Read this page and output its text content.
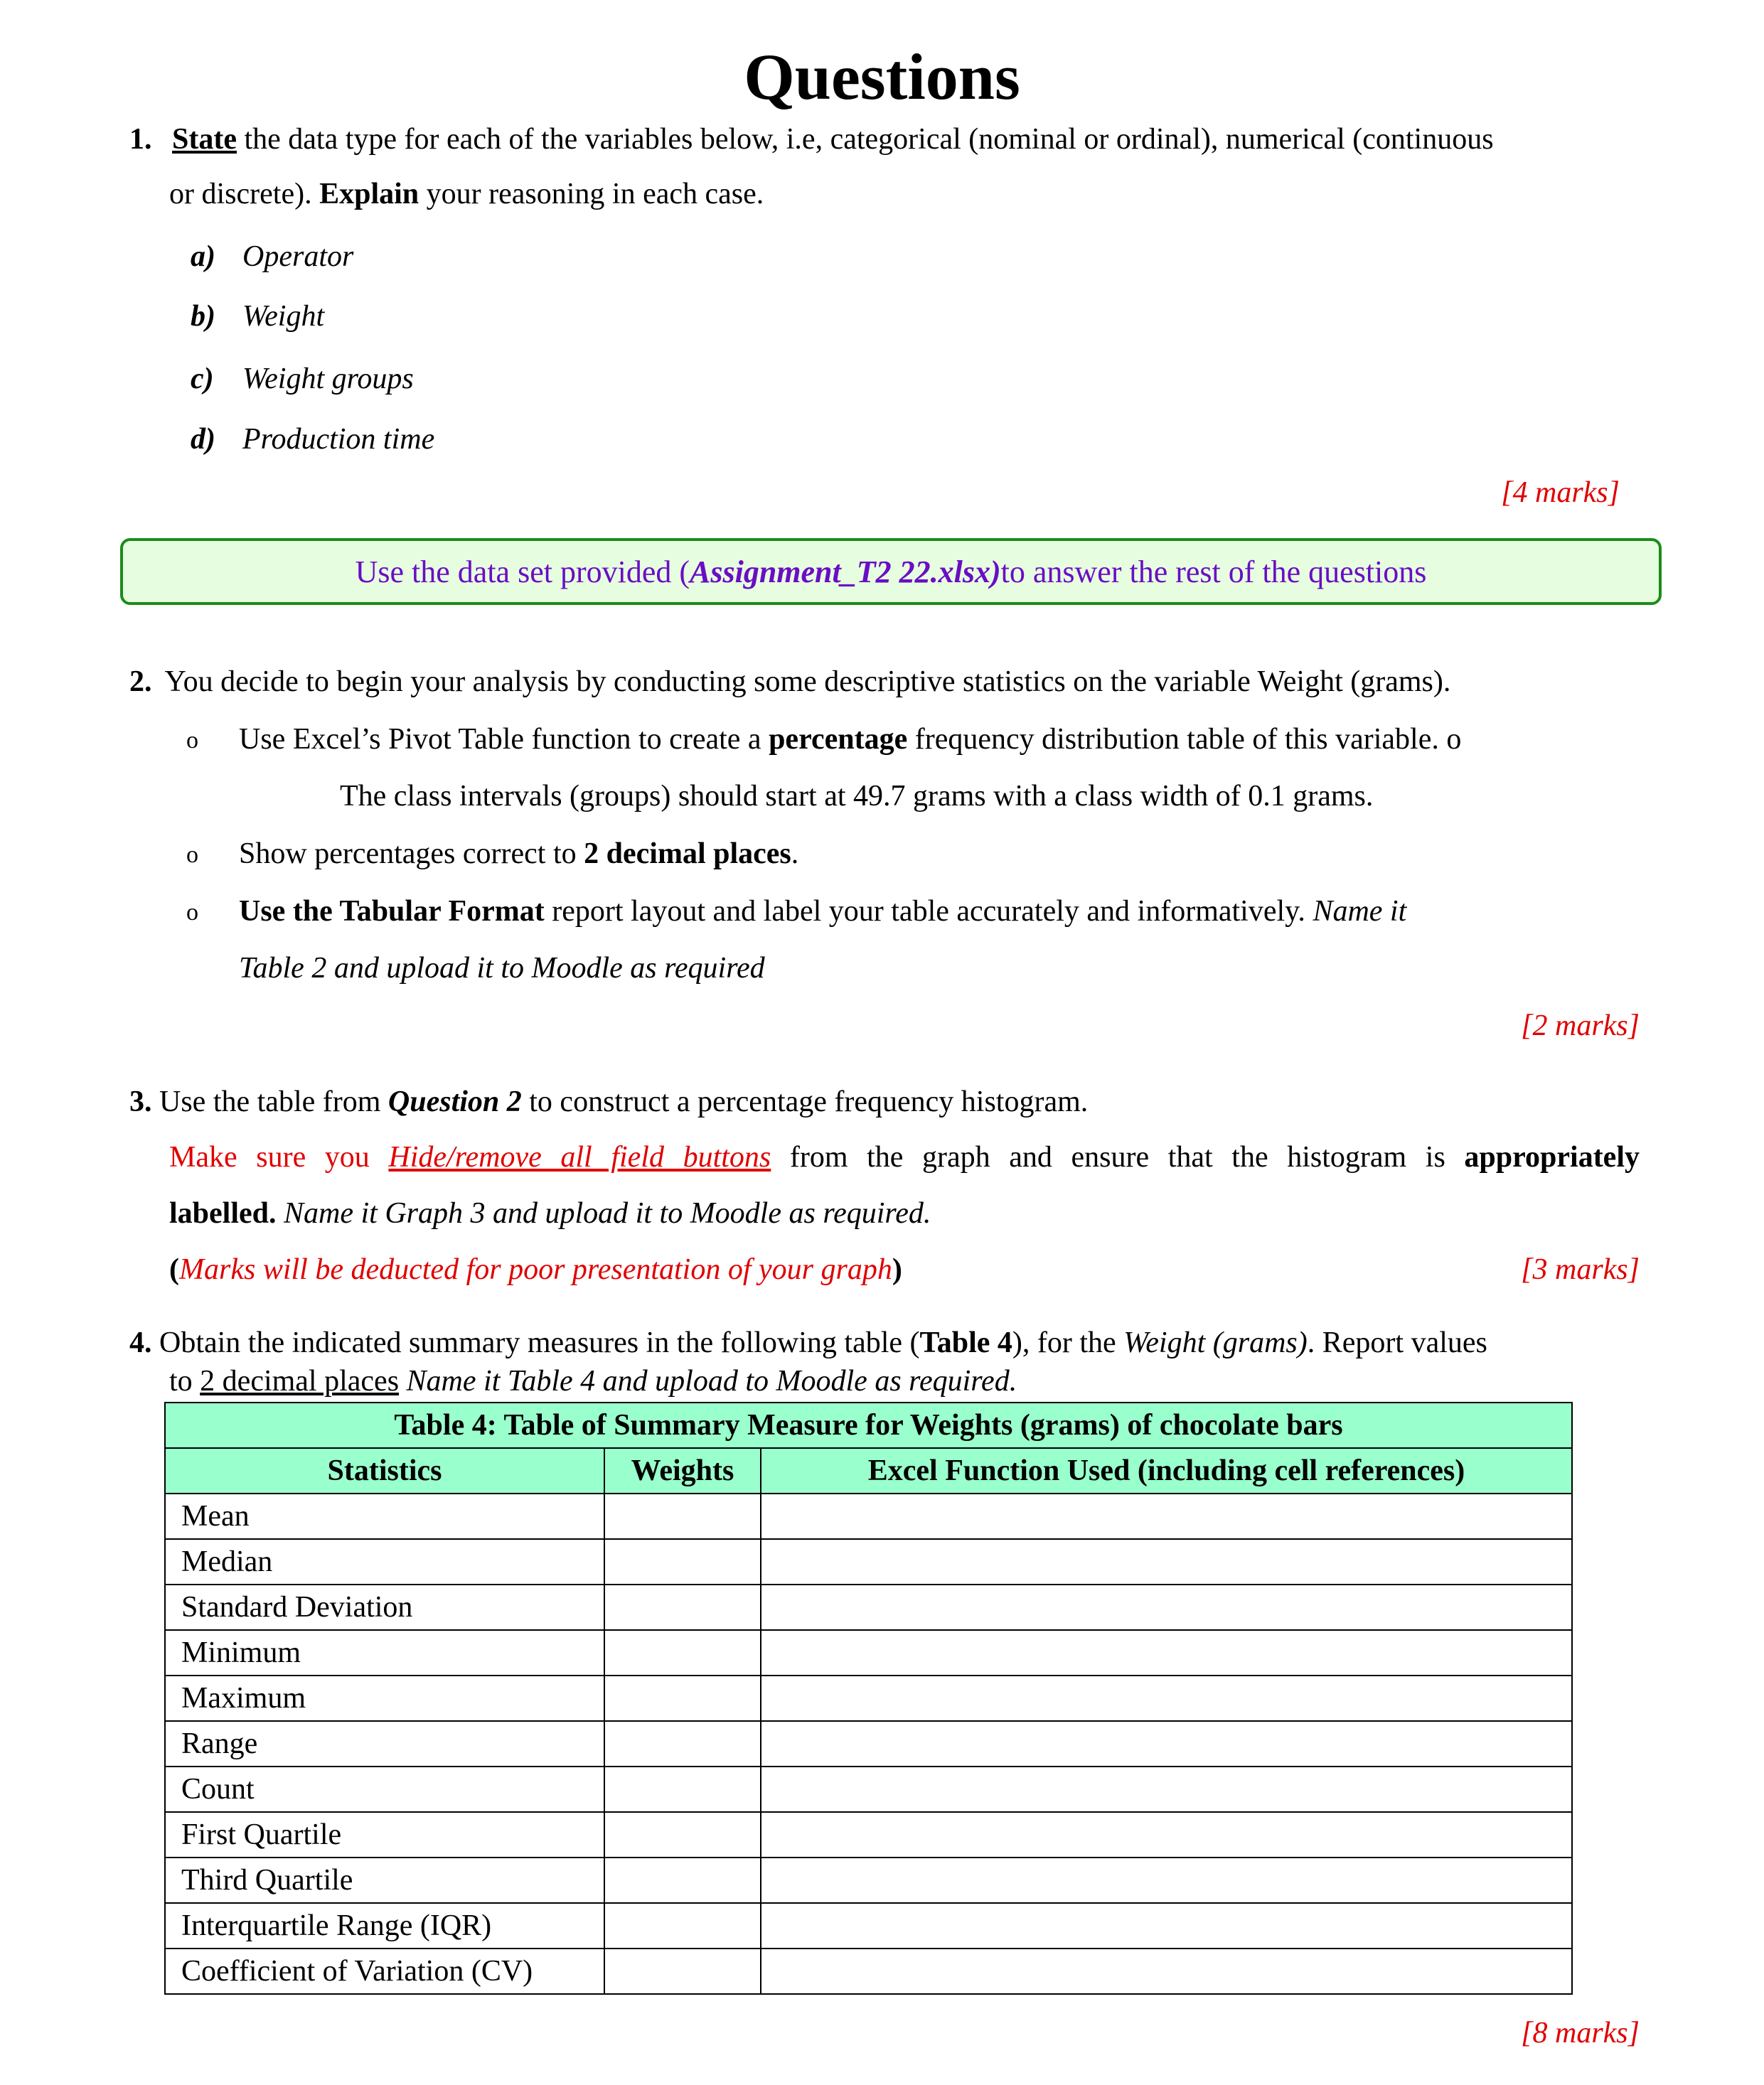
Questions
1. State the data type for each of the variables below, i.e, categorical (nominal or ordinal), numerical (continuous
or discrete). Explain your reasoning in each case.
a) Operator
b) Weight
c) Weight groups
d) Production time
[4 marks]
Use the data set provided ( Assignment_T2 22.xlsx) to answer the rest of the questions
2. You decide to begin your analysis by conducting some descriptive statistics on the variable Weight (grams).
o Use Excel’s Pivot Table function to create a percentage frequency distribution table of this variable. o
The class intervals (groups) should start at 49.7 grams with a class width of 0.1 grams.
o Show percentages correct to 2 decimal places.
o Use the Tabular Format report layout and label your table accurately and informatively. Name it
Table 2 and upload it to Moodle as required
[2 marks]
3. Use the table from Question 2 to construct a percentage frequency histogram.
Make sure you Hide/remove all field buttons from the graph and ensure that the histogram is appropriately
labelled. Name it Graph 3 and upload it to Moodle as required.
(Marks will be deducted for poor presentation of your graph)	[3 marks]
4. Obtain the indicated summary measures in the following table (Table 4), for the Weight (grams). Report values
to 2 decimal places Name it Table 4 and upload to Moodle as required.
Table 4: Table of Summary Measure for Weights (grams) of chocolate bars		
Statistics	Weights	Excel Function Used (including cell references)
Mean		
Median		
Standard Deviation		
Minimum		
Maximum		
Range		
Count		
First Quartile		
Third Quartile		
Interquartile Range (IQR)		
Coefficient of Variation (CV)		
[8 marks]
